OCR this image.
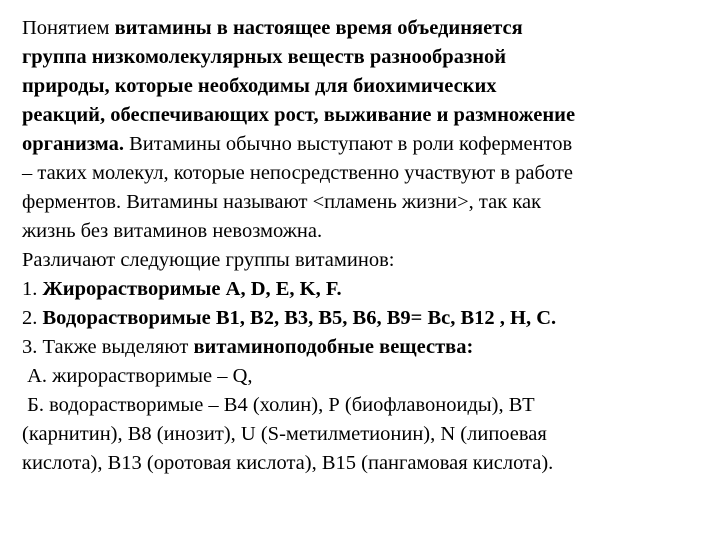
Понятием витамины в настоящее время объединяется
группа низкомолекулярных веществ разнообразной
природы, которые необходимы для биохимических
реакций, обеспечивающих рост, выживание и размножение
организма. Витамины обычно выступают в роли коферментов
– таких молекул, которые непосредственно участвуют в работе
ферментов. Витамины называют <пламень жизни>, так как
жизнь без витаминов невозможна.
Различают следующие группы витаминов:
1. Жирорастворимые А, D, E, K, F.
2. Водорастворимые В1, В2, В3, В5, В6, В9= Вс, В12 , Н, С.
3. Также выделяют витаминоподобные вещества:
А. жирорастворимые – Q,
Б. водорастворимые – В4 (холин), Р (биофлавоноиды), ВТ
(карнитин), В8 (инозит), U (S-метилметионин), N (липоевая
кислота), В13 (оротовая кислота), В15 (пангамовая кислота).
